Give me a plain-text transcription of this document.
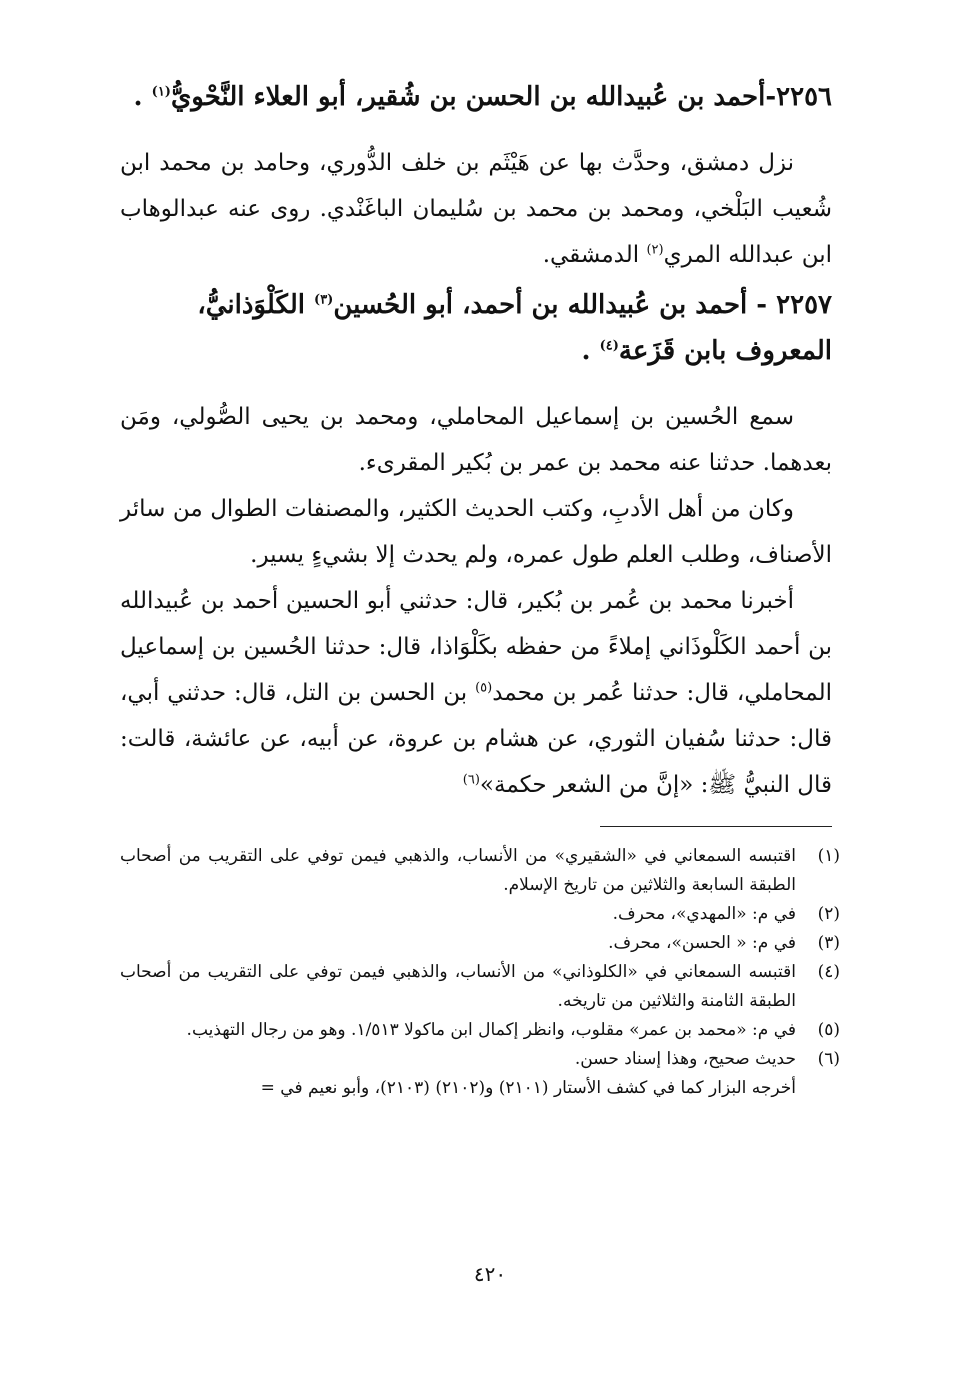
٢٢٥٦-أحمد بن عُبيدالله بن الحسن بن شُقير، أبو العلاء النَّحْويُّ$^{(١)}$ .

نزل دمشق، وحدَّث بها عن هَيْثَم بن خلف الدُّوري، وحامد بن محمد ابن شُعيب البَلْخي، ومحمد بن محمد بن سُليمان الباغَنْدي. روى عنه عبدالوهاب ابن عبدالله المري$^{(٢)}$ الدمشقي.

٢٢٥٧ - أحمد بن عُبيدالله بن أحمد، أبو الحُسين$^{(٣)}$ الكَلْوَذانيُّ، المعروف بابن قَزَعة$^{(٤)}$ .

سمع الحُسين بن إسماعيل المحاملي، ومحمد بن يحيى الصُّولي، ومَن بعدهما. حدثنا عنه محمد بن عمر بن بُكير المقرىء.

وكان من أهل الأدبِ، وكتب الحديث الكثير، والمصنفات الطوال من سائر الأصناف، وطلب العلم طول عمره، ولم يحدث إلا بشيءٍ يسير.

أخبرنا محمد بن عُمر بن بُكير، قال: حدثني أبو الحسين أحمد بن عُبيدالله بن أحمد الكَلْوذَاني إملاءً من حفظه بكَلْوَاذا، قال: حدثنا الحُسين بن إسماعيل المحاملي، قال: حدثنا عُمر بن محمد$^{(٥)}$ بن الحسن بن التل، قال: حدثني أبي، قال: حدثنا سُفيان الثوري، عن هشام بن عروة، عن أبيه، عن عائشة، قالت: قال النبيُّ ﷺ: «إنَّ من الشعر حكمة»$^{(٦)}$

(١)
اقتبسه السمعاني في «الشقيري» من الأنساب، والذهبي فيمن توفي على التقريب من أصحاب الطبقة السابعة والثلاثين من تاريخ الإسلام.
(٢)
في م: «المهدي»، محرف.
(٣)
في م: « الحسن»، محرف.
(٤)
اقتبسه السمعاني في «الكلوذاني» من الأنساب، والذهبي فيمن توفي على التقريب من أصحاب الطبقة الثامنة والثلاثين من تاريخه.
(٥)
في م: «محمد بن عمر» مقلوب، وانظر إكمال ابن ماكولا ١/٥١٣. وهو من رجال التهذيب.
(٦)
حديث صحيح، وهذا إسناد حسن.
أخرجه البزار كما في كشف الأستار (٢١٠١) و(٢١٠٢) (٢١٠٣)، وأبو نعيم في =
٤٢٠
